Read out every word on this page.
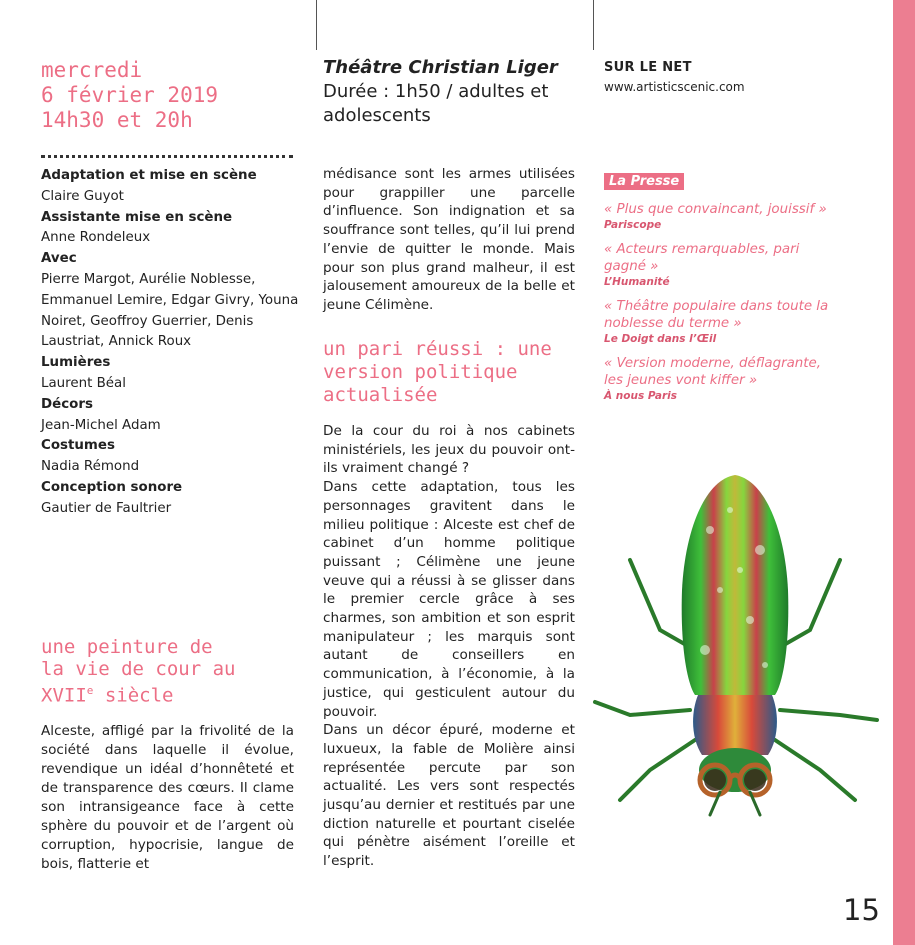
mercredi
6 février 2019
14h30 et 20h
Adaptation et mise en scène
Claire Guyot
Assistante mise en scène
Anne Rondeleux
Avec
Pierre Margot, Aurélie Noblesse, Emmanuel Lemire, Edgar Givry, Youna Noiret, Geoffroy Guerrier, Denis Laustriat, Annick Roux
Lumières
Laurent Béal
Décors
Jean-Michel Adam
Costumes
Nadia Rémond
Conception sonore
Gautier de Faultrier
une peinture de
la vie de cour au
XVIIe siècle

Alceste, affligé par la frivolité de la société dans laquelle il évolue, revendique un idéal d’honnêteté et de transparence des cœurs. Il clame son intransigeance face à cette sphère du pouvoir et de l’argent où corruption, hypocrisie, langue de bois, flatterie et

Théâtre Christian Liger

Durée : 1h50 / adultes et adolescents

médisance sont les armes utilisées pour grappiller une parcelle d’influence. Son indignation et sa souffrance sont telles, qu’il lui prend l’envie de quitter le monde. Mais pour son plus grand malheur, il est jalousement amoureux de la belle et jeune Célimène.

un pari réussi : une
version politique
actualisée
De la cour du roi à nos cabinets ministériels, les jeux du pouvoir ont-ils vraiment changé ?
Dans cette adaptation, tous les personnages gravitent dans le milieu politique : Alceste est chef de cabinet d’un homme politique puissant ; Célimène une jeune veuve qui a réussi à se glisser dans le premier cercle grâce à ses charmes, son ambition et son esprit manipulateur ; les marquis sont autant de conseillers en communication, à l’économie, à la justice, qui gesticulent autour du pouvoir.
Dans un décor épuré, moderne et luxueux, la fable de Molière ainsi représentée percute par son actualité. Les vers sont respectés jusqu’au dernier et restitués par une diction naturelle et pourtant ciselée qui pénètre aisément l’oreille et l’esprit.
SUR LE NET
www.artisticscenic.com
La Presse

« Plus que convaincant, jouissif »
Pariscope

« Acteurs remarquables, pari gagné »
L’Humanité

« Théâtre populaire dans toute la noblesse du terme »
Le Doigt dans l’Œil

« Version moderne, déflagrante, les jeunes vont kiffer »
À nous Paris

15
